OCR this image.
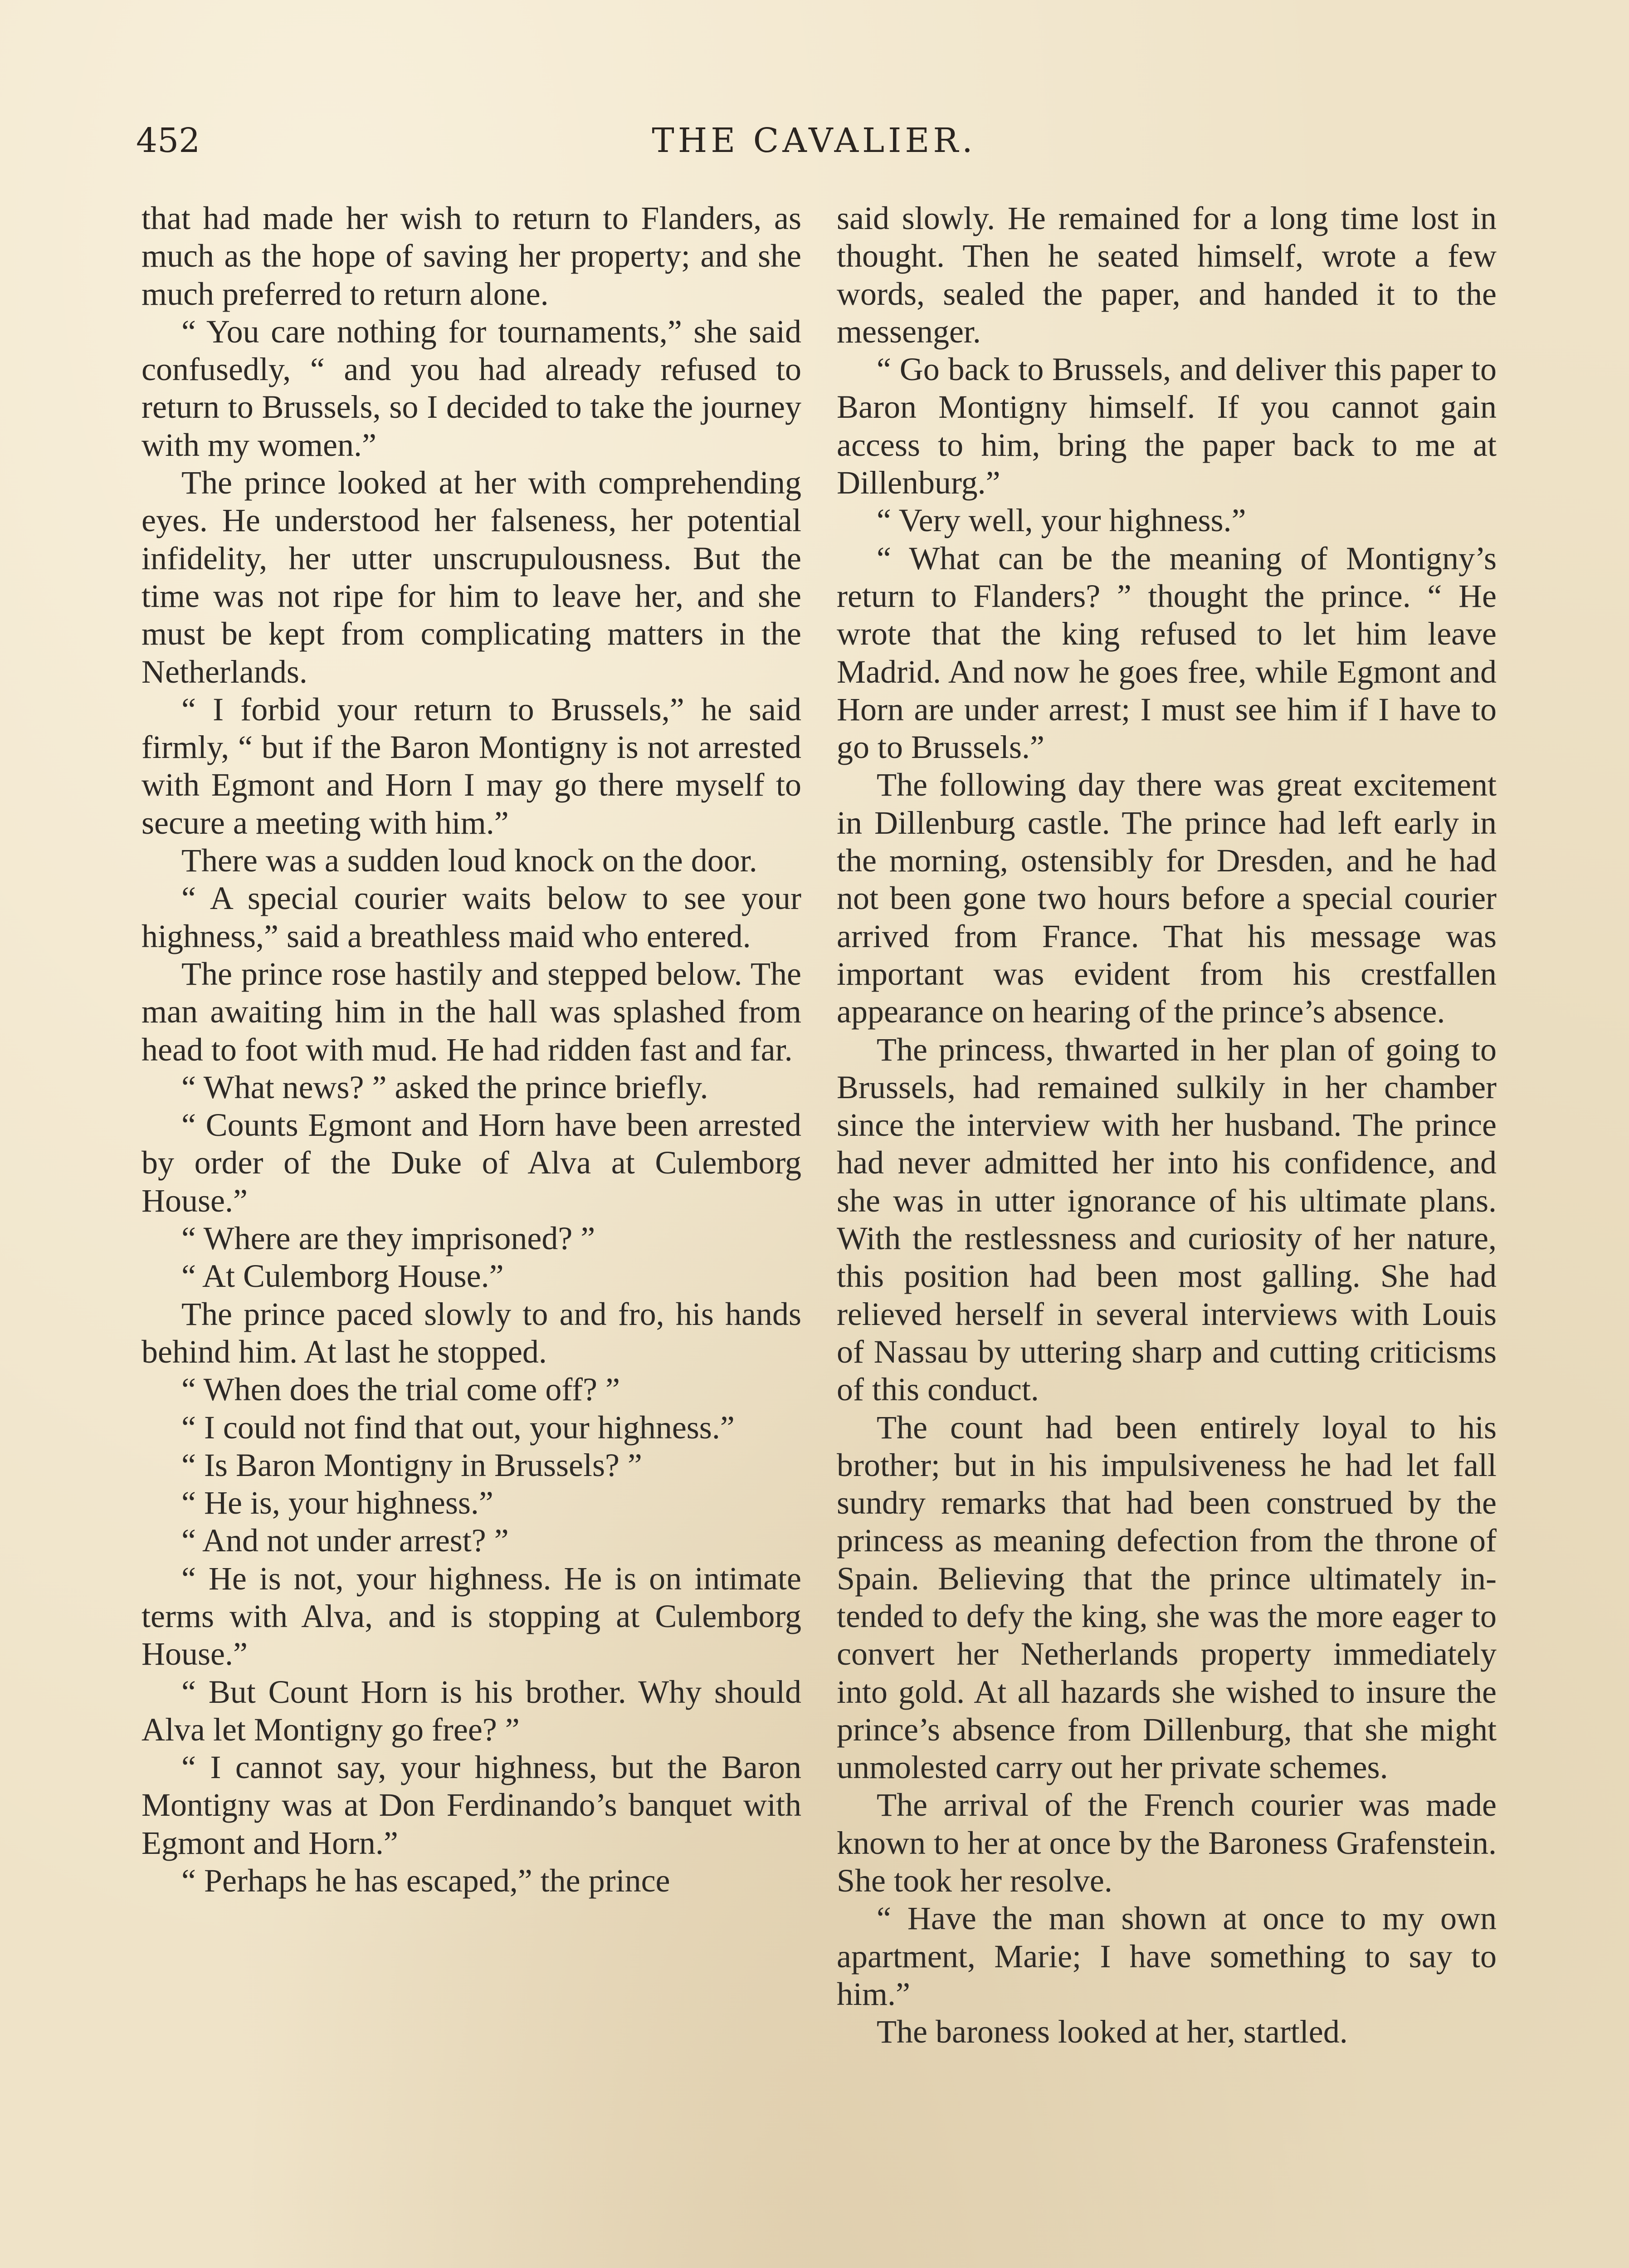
452	THE CAVALIER.

that had made her wish to return to Flanders, as much as the hope of saving her property; and she much preferred to return alone.

“ You care nothing for tournaments,” she said confusedly, “ and you had already refused to return to Brussels, so I decided to take the journey with my women.”

The prince looked at her with comprehending eyes. He understood her falseness, her potential infidelity, her utter unscrupulousness. But the time was not ripe for him to leave her, and she must be kept from complicating matters in the Netherlands.

“ I forbid your return to Brussels,” he said firmly, “ but if the Baron Montigny is not arrested with Egmont and Horn I may go there myself to secure a meeting with him.”

There was a sudden loud knock on the door.

“ A special courier waits below to see your highness,” said a breathless maid who entered.

The prince rose hastily and stepped below. The man awaiting him in the hall was splashed from head to foot with mud. He had ridden fast and far.

“ What news? ” asked the prince briefly.

“ Counts Egmont and Horn have been arrested by order of the Duke of Alva at Culemborg House.”

“ Where are they imprisoned? ”

“ At Culemborg House.”

The prince paced slowly to and fro, his hands behind him. At last he stopped.

“ When does the trial come off? ”

“ I could not find that out, your highness.”

“ Is Baron Montigny in Brussels? ”

“ He is, your highness.”

“ And not under arrest? ”

“ He is not, your highness. He is on intimate terms with Alva, and is stopping at Culemborg House.”

“ But Count Horn is his brother. Why should Alva let Montigny go free? ”

“ I cannot say, your highness, but the Baron Montigny was at Don Ferdinando’s banquet with Egmont and Horn.”

“ Perhaps he has escaped,” the prince

said slowly. He remained for a long time lost in thought. Then he seated himself, wrote a few words, sealed the paper, and handed it to the messenger.

“ Go back to Brussels, and deliver this paper to Baron Montigny himself. If you cannot gain access to him, bring the paper back to me at Dillenburg.”

“ Very well, your highness.”

“ What can be the meaning of Montigny’s return to Flanders? ” thought the prince. “ He wrote that the king refused to let him leave Madrid. And now he goes free, while Egmont and Horn are under arrest; I must see him if I have to go to Brussels.”

The following day there was great excitement in Dillenburg castle. The prince had left early in the morning, ostensibly for Dresden, and he had not been gone two hours before a special courier arrived from France. That his message was important was evident from his crestfallen appearance on hearing of the prince’s absence.

The princess, thwarted in her plan of going to Brussels, had remained sulkily in her chamber since the interview with her husband. The prince had never admitted her into his confidence, and she was in utter ignorance of his ultimate plans. With the restlessness and curiosity of her nature, this position had been most galling. She had relieved herself in several interviews with Louis of Nassau by uttering sharp and cutting criticisms of this conduct.

The count had been entirely loyal to his brother; but in his impulsiveness he had let fall sundry remarks that had been construed by the princess as meaning defection from the throne of Spain. Believing that the prince ultimately intended to defy the king, she was the more eager to convert her Netherlands property immediately into gold. At all hazards she wished to insure the prince’s absence from Dillenburg, that she might unmolested carry out her private schemes.

The arrival of the French courier was made known to her at once by the Baroness Grafenstein. She took her resolve.

“ Have the man shown at once to my own apartment, Marie; I have something to say to him.”

The baroness looked at her, startled.
